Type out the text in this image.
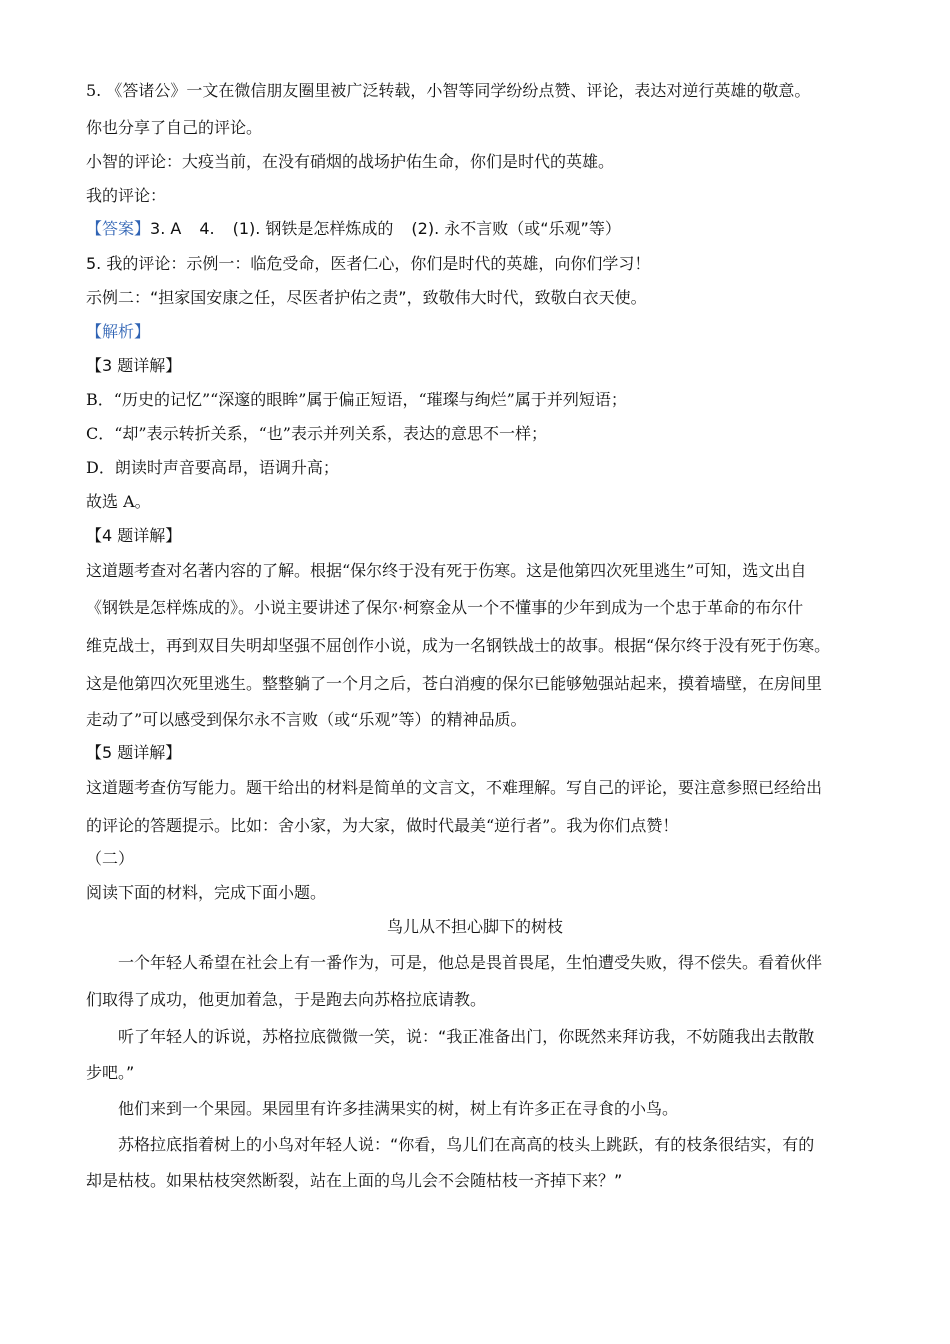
5. 《答诸公》一文在微信朋友圈里被广泛转载，小智等同学纷纷点赞、评论，表达对逆行英雄的敬意。
你也分享了自己的评论。
小智的评论：大疫当前，在没有硝烟的战场护佑生命，你们是时代的英雄。
我的评论：
【答案】3. A 4. (1). 钢铁是怎样炼成的 (2). 永不言败（或“乐观”等）
5. 我的评论：示例一：临危受命，医者仁心，你们是时代的英雄，向你们学习！
示例二：“担家国安康之任，尽医者护佑之责”，致敬伟大时代，致敬白衣天使。
【解析】
【3 题详解】
B．“历史的记忆”“深邃的眼眸”属于偏正短语，“璀璨与绚烂”属于并列短语；
C．“却”表示转折关系，“也”表示并列关系，表达的意思不一样；
D．朗读时声音要高昂，语调升高；
故选 A。
【4 题详解】
这道题考查对名著内容的了解。根据“保尔终于没有死于伤寒。这是他第四次死里逃生”可知，选文出自
《钢铁是怎样炼成的》。小说主要讲述了保尔·柯察金从一个不懂事的少年到成为一个忠于革命的布尔什
维克战士，再到双目失明却坚强不屈创作小说，成为一名钢铁战士的故事。根据“保尔终于没有死于伤寒。
这是他第四次死里逃生。整整躺了一个月之后，苍白消瘦的保尔已能够勉强站起来，摸着墙壁，在房间里
走动了”可以感受到保尔永不言败（或“乐观”等）的精神品质。
【5 题详解】
这道题考查仿写能力。题干给出的材料是简单的文言文，不难理解。写自己的评论，要注意参照已经给出
的评论的答题提示。比如：舍小家，为大家，做时代最美“逆行者”。我为你们点赞！
（二）
阅读下面的材料，完成下面小题。
鸟儿从不担心脚下的树枝
一个年轻人希望在社会上有一番作为，可是，他总是畏首畏尾，生怕遭受失败，得不偿失。看着伙伴
们取得了成功，他更加着急，于是跑去向苏格拉底请教。
听了年轻人的诉说，苏格拉底微微一笑，说：“我正准备出门，你既然来拜访我，不妨随我出去散散
步吧。”
他们来到一个果园。果园里有许多挂满果实的树，树上有许多正在寻食的小鸟。
苏格拉底指着树上的小鸟对年轻人说：“你看，鸟儿们在高高的枝头上跳跃，有的枝条很结实，有的
却是枯枝。如果枯枝突然断裂，站在上面的鸟儿会不会随枯枝一齐掉下来？”
